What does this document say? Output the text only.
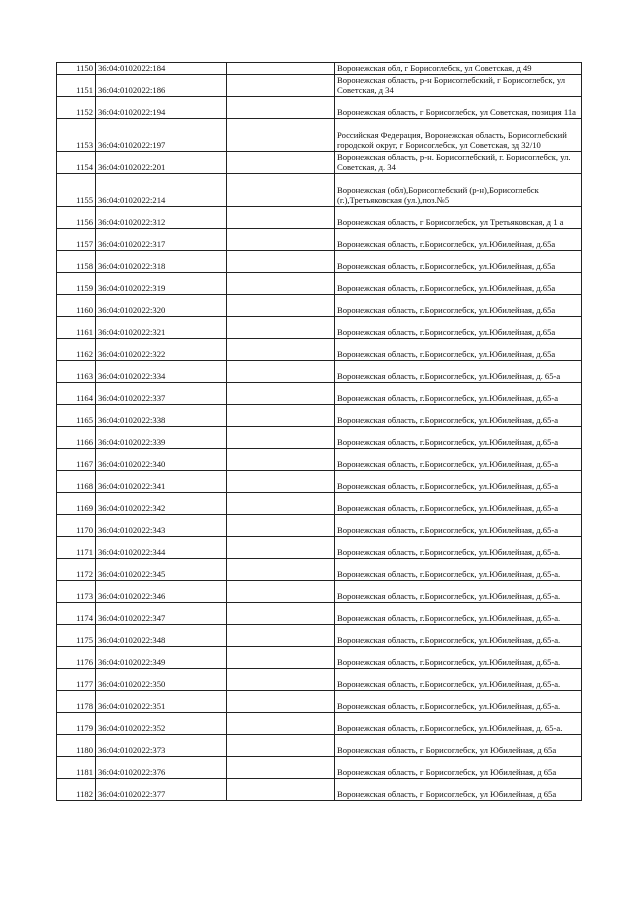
1150	36:04:0102022:184		Воронежская обл, г Борисоглебск, ул Советская, д 49
1151	36:04:0102022:186		Воронежская область, р-н Борисоглебский, г Борисоглебск, ул Советская, д 34
1152	36:04:0102022:194		Воронежская область, г Борисоглебск, ул Советская, позиция 11а
1153	36:04:0102022:197		Российская Федерация, Воронежская область, Борисоглебский городской округ, г Борисоглебск, ул Советская, зд 32/10
1154	36:04:0102022:201		Воронежская область, р-н. Борисоглебский, г. Борисоглебск, ул. Советская, д. 34
1155	36:04:0102022:214		Воронежская (обл),Борисоглебский (р-н),Борисоглебск (г.),Третьяковская (ул.),поз.№5
1156	36:04:0102022:312		Воронежская область, г Борисоглебск, ул Третьяковская, д 1 а
1157	36:04:0102022:317		Воронежская область, г.Борисоглебск, ул.Юбилейная, д.65а
1158	36:04:0102022:318		Воронежская область, г.Борисоглебск, ул.Юбилейная, д.65а
1159	36:04:0102022:319		Воронежская область, г.Борисоглебск, ул.Юбилейная, д.65а
1160	36:04:0102022:320		Воронежская область, г.Борисоглебск, ул.Юбилейная, д.65а
1161	36:04:0102022:321		Воронежская область, г.Борисоглебск, ул.Юбилейная, д.65а
1162	36:04:0102022:322		Воронежская область, г.Борисоглебск, ул.Юбилейная, д.65а
1163	36:04:0102022:334		Воронежская область, г.Борисоглебск, ул.Юбилейная, д. 65-а
1164	36:04:0102022:337		Воронежская область, г.Борисоглебск, ул.Юбилейная, д.65-а
1165	36:04:0102022:338		Воронежская область, г.Борисоглебск, ул.Юбилейная, д.65-а
1166	36:04:0102022:339		Воронежская область, г.Борисоглебск, ул.Юбилейная, д.65-а
1167	36:04:0102022:340		Воронежская область, г.Борисоглебск, ул.Юбилейная, д.65-а
1168	36:04:0102022:341		Воронежская область, г.Борисоглебск, ул.Юбилейная, д.65-а
1169	36:04:0102022:342		Воронежская область, г.Борисоглебск, ул.Юбилейная, д.65-а
1170	36:04:0102022:343		Воронежская область, г.Борисоглебск, ул.Юбилейная, д.65-а
1171	36:04:0102022:344		Воронежская область, г.Борисоглебск, ул.Юбилейная, д.65-а.
1172	36:04:0102022:345		Воронежская область, г.Борисоглебск, ул.Юбилейная, д.65-а.
1173	36:04:0102022:346		Воронежская область, г.Борисоглебск, ул.Юбилейная, д.65-а.
1174	36:04:0102022:347		Воронежская область, г.Борисоглебск, ул.Юбилейная, д.65-а.
1175	36:04:0102022:348		Воронежская область, г.Борисоглебск, ул.Юбилейная, д.65-а.
1176	36:04:0102022:349		Воронежская область, г.Борисоглебск, ул.Юбилейная, д.65-а.
1177	36:04:0102022:350		Воронежская область, г.Борисоглебск, ул.Юбилейная, д.65-а.
1178	36:04:0102022:351		Воронежская область, г.Борисоглебск, ул.Юбилейная, д.65-а.
1179	36:04:0102022:352		Воронежская область, г.Борисоглебск, ул.Юбилейная, д. 65-а.
1180	36:04:0102022:373		Воронежская область, г Борисоглебск, ул Юбилейная, д 65а
1181	36:04:0102022:376		Воронежская область, г Борисоглебск, ул Юбилейная, д 65а
1182	36:04:0102022:377		Воронежская область, г Борисоглебск, ул Юбилейная, д 65а
